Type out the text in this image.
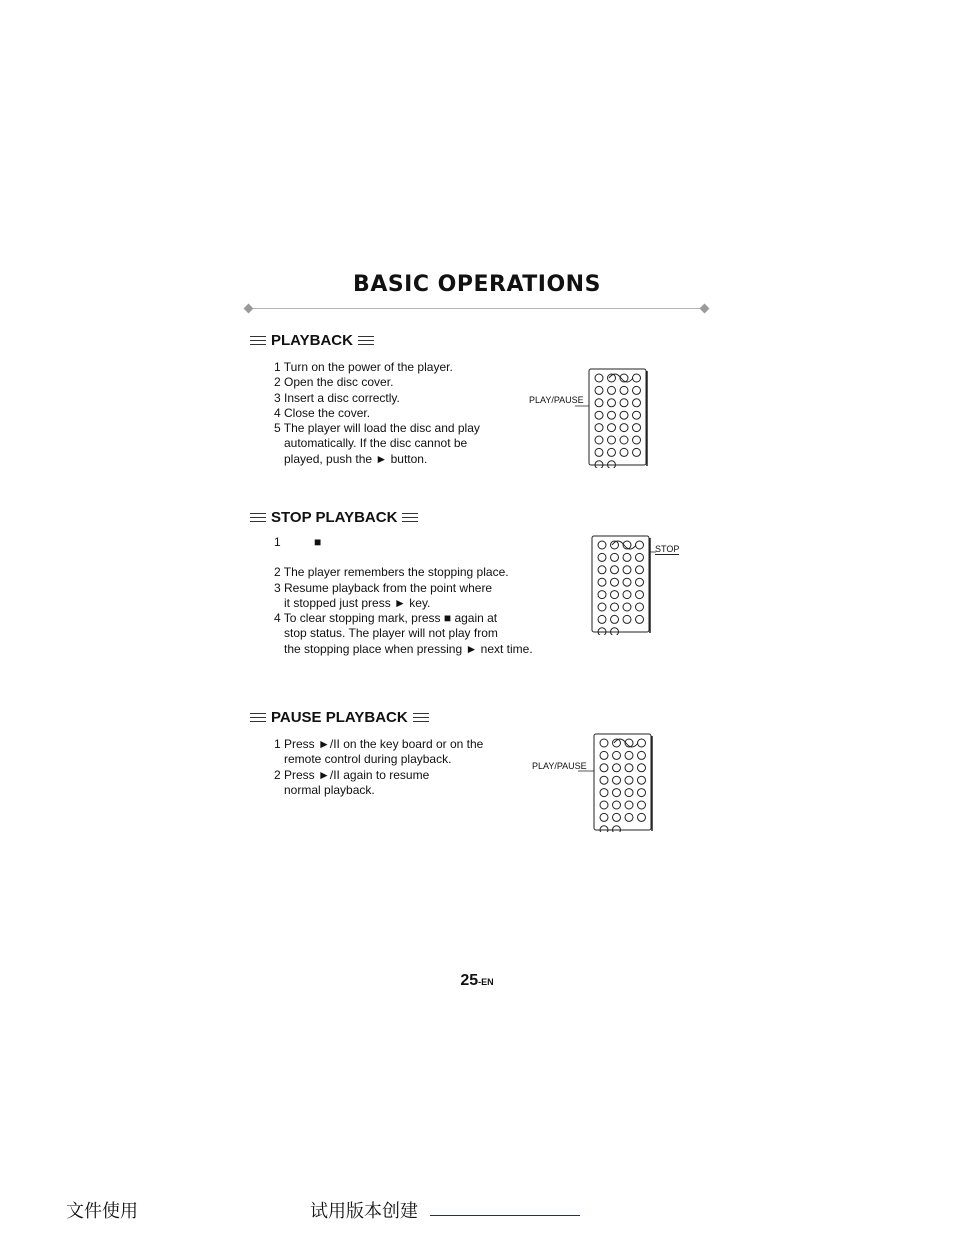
BASIC OPERATIONS
PLAYBACK
1 Turn on the power of the player.
2 Open the disc cover.
3 Insert a disc correctly.
4 Close the cover.
5 The player will load the disc and play
automatically. If the disc cannot be
played, push the ► button.
PLAY/PAUSE
STOP PLAYBACK
1          ■
2 The player remembers the stopping place.
3 Resume playback from the point where
it stopped just press ► key.
4 To clear stopping mark, press ■ again at
stop status. The player will not play from
the stopping place when pressing ► next time.
STOP
PAUSE PLAYBACK
1 Press ►/II on the key board or on the
remote control during playback.
2 Press ►/II again to resume
normal playback.
PLAY/PAUSE
25-EN
文件使用	试用版本创建
